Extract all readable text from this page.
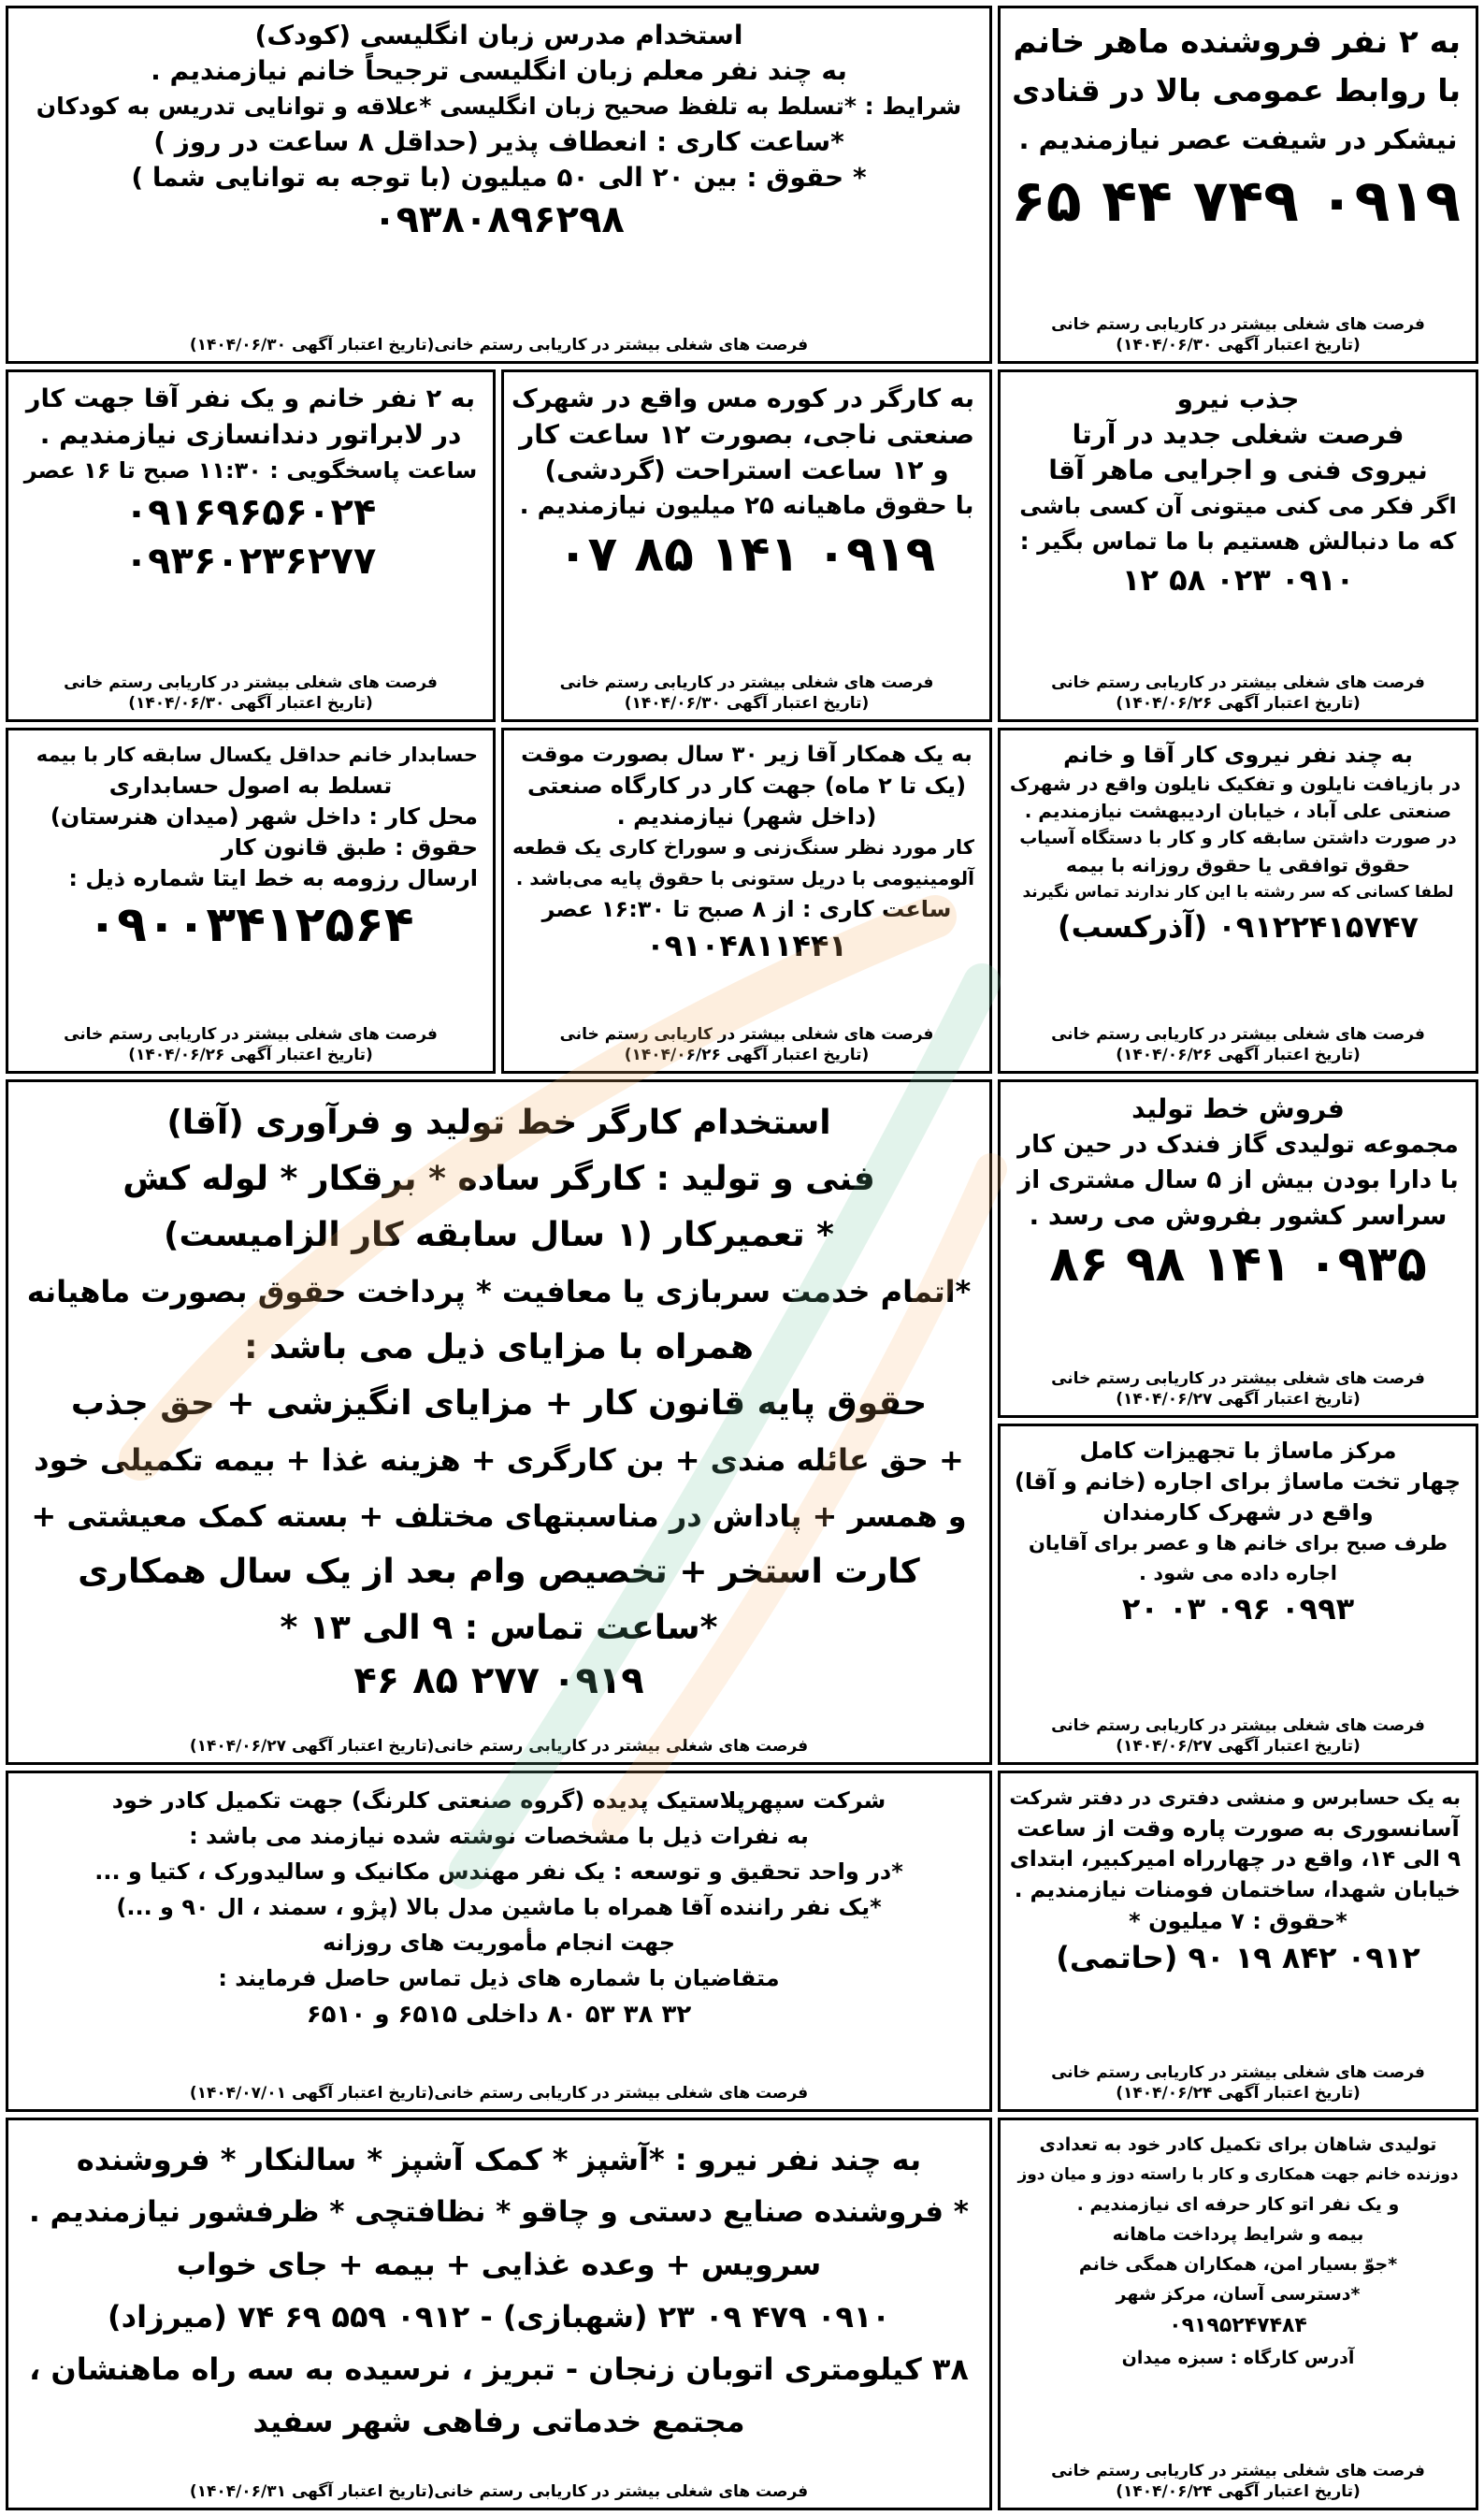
به ۲ نفر فروشنده ماهر خانم
با روابط عمومی بالا در قنادی
نیشکر در شیفت عصر نیازمندیم .
۰۹۱۹ ۷۴۹ ۴۴ ۶۵
فرصت های شغلی بیشتر در کاریابی رستم خانی
(تاریخ اعتبار آگهی ۱۴۰۴/۰۶/۳۰)
استخدام مدرس زبان انگلیسی (کودک)
به چند نفر معلم زبان انگلیسی ترجیحاً خانم نیازمندیم .
شرایط : *تسلط به تلفظ صحیح زبان انگلیسی *علاقه و توانایی تدریس به کودکان
*ساعت کاری : انعطاف پذیر (حداقل ۸ ساعت در روز )
* حقوق : بین ۲۰ الی ۵۰ میلیون (با توجه به توانایی شما )
۰۹۳۸۰۸۹۶۲۹۸
فرصت های شغلی بیشتر در کاریابی رستم خانی(تاریخ اعتبار آگهی ۱۴۰۴/۰۶/۳۰)
جذب نیرو
فرصت شغلی جدید در آرتا
نیروی فنی و اجرایی ماهر آقا
اگر فکر می کنی میتونی آن کسی باشی
که ما دنبالش هستیم با ما تماس بگیر :
۰۹۱۰ ۰۲۳ ۵۸ ۱۲
فرصت های شغلی بیشتر در کاریابی رستم خانی
(تاریخ اعتبار آگهی ۱۴۰۴/۰۶/۲۶)
به کارگر در کوره مس واقع در شهرک
صنعتی ناجی، بصورت ۱۲ ساعت کار
و ۱۲ ساعت استراحت (گردشی)
با حقوق ماهیانه ۲۵ میلیون نیازمندیم .
۰۹۱۹ ۱۴۱ ۸۵ ۰۷
فرصت های شغلی بیشتر در کاریابی رستم خانی
(تاریخ اعتبار آگهی ۱۴۰۴/۰۶/۳۰)
به ۲ نفر خانم و یک نفر آقا جهت کار
در لابراتور دندانسازی نیازمندیم .
ساعت پاسخگویی : ۱۱:۳۰ صبح تا ۱۶ عصر
۰۹۱۶۹۶۵۶۰۲۴
۰۹۳۶۰۲۳۶۲۷۷
فرصت های شغلی بیشتر در کاریابی رستم خانی
(تاریخ اعتبار آگهی ۱۴۰۴/۰۶/۳۰)
به چند نفر نیروی کار آقا و خانم
در بازیافت نایلون و تفکیک نایلون واقع در شهرک
صنعتی علی آباد ، خیابان اردیبهشت نیازمندیم .
در صورت داشتن سابقه کار و کار با دستگاه آسیاب
حقوق توافقی یا حقوق روزانه با بیمه
لطفا کسانی که سر رشته با این کار ندارند تماس نگیرند
۰۹۱۲۲۴۱۵۷۴۷ (آذرکسب)
فرصت های شغلی بیشتر در کاریابی رستم خانی
(تاریخ اعتبار آگهی ۱۴۰۴/۰۶/۲۶)
به یک همکار آقا زیر ۳۰ سال بصورت موقت
(یک تا ۲ ماه) جهت کار در کارگاه صنعتی
(داخل شهر) نیازمندیم .
کار مورد نظر سنگ‌زنی و سوراخ کاری یک قطعه
آلومینیومی با دریل ستونی با حقوق پایه می‌باشد .
ساعت کاری : از ۸ صبح تا ۱۶:۳۰ عصر
۰۹۱۰۴۸۱۱۴۴۱
فرصت های شغلی بیشتر در کاریابی رستم خانی
(تاریخ اعتبار آگهی ۱۴۰۴/۰۶/۲۶)
حسابدار خانم حداقل یکسال سابقه کار با بیمه
تسلط به اصول حسابداری
محل کار : داخل شهر (میدان هنرستان)
حقوق : طبق قانون کار
ارسال رزومه به خط ایتا شماره ذیل :
۰۹۰۰۳۴۱۲۵۶۴
فرصت های شغلی بیشتر در کاریابی رستم خانی
(تاریخ اعتبار آگهی ۱۴۰۴/۰۶/۲۶)
فروش خط تولید
مجموعه تولیدی گاز فندک در حین کار
با دارا بودن بیش از ۵ سال مشتری از
سراسر کشور بفروش می رسد .
۰۹۳۵ ۱۴۱ ۹۸ ۸۶
فرصت های شغلی بیشتر در کاریابی رستم خانی
(تاریخ اعتبار آگهی ۱۴۰۴/۰۶/۲۷)
استخدام کارگر خط تولید و فرآوری (آقا)
فنی و تولید : کارگر ساده * برقکار * لوله کش
* تعمیرکار (۱ سال سابقه کار الزامیست)
*اتمام خدمت سربازی یا معافیت * پرداخت حقوق بصورت ماهیانه
همراه با مزایای ذیل می باشد :
حقوق پایه قانون کار + مزایای انگیزشی + حق جذب
+ حق عائله مندی + بن کارگری + هزینه غذا + بیمه تکمیلی خود
و همسر + پاداش در مناسبتهای مختلف + بسته کمک معیشتی +
کارت استخر + تخصیص وام بعد از یک سال همکاری
*ساعت تماس : ۹ الی ۱۳ *
۰۹۱۹ ۲۷۷ ۸۵ ۴۶
فرصت های شغلی بیشتر در کاریابی رستم خانی(تاریخ اعتبار آگهی ۱۴۰۴/۰۶/۲۷)
مرکز ماساژ با تجهیزات کامل
چهار تخت ماساژ برای اجاره (خانم و آقا)
واقع در شهرک کارمندان
طرف صبح برای خانم ها و عصر برای آقایان
اجاره داده می شود .
۰۹۹۳ ۰۹۶ ۰۳ ۲۰
فرصت های شغلی بیشتر در کاریابی رستم خانی
(تاریخ اعتبار آگهی ۱۴۰۴/۰۶/۲۷)
شرکت سپهرپلاستیک پدیده (گروه صنعتی کلرنگ) جهت تکمیل کادر خود
به نفرات ذیل با مشخصات نوشته شده نیازمند می باشد :
*در واحد تحقیق و توسعه : یک نفر مهندس مکانیک و سالیدورک ، کتیا و ...
*یک نفر راننده آقا همراه با ماشین مدل بالا (پژو ، سمند ، ال ۹۰ و ...)
جهت انجام مأموریت های روزانه
متقاضیان با شماره های ذیل تماس حاصل فرمایند :
۳۲ ۳۸ ۵۳ ۸۰ داخلی ۶۵۱۵ و ۶۵۱۰
فرصت های شغلی بیشتر در کاریابی رستم خانی(تاریخ اعتبار آگهی ۱۴۰۴/۰۷/۰۱)
به یک حسابرس و منشی دفتری در دفتر شرکت
آسانسوری به صورت پاره وقت از ساعت
۹ الی ۱۴، واقع در چهارراه امیرکبیر، ابتدای
خیابان شهدا، ساختمان فومنات نیازمندیم .
*حقوق : ۷ میلیون *
۰۹۱۲ ۸۴۲ ۱۹ ۹۰ (حاتمی)
فرصت های شغلی بیشتر در کاریابی رستم خانی
(تاریخ اعتبار آگهی ۱۴۰۴/۰۶/۲۴)
به چند نفر نیرو : *آشپز * کمک آشپز * سالنکار * فروشنده
* فروشنده صنایع دستی و چاقو * نظافتچی * ظرفشور نیازمندیم .
سرویس + وعده غذایی + بیمه + جای خواب
۰۹۱۰ ۴۷۹ ۰۹ ۲۳ (شهبازی) - ۰۹۱۲ ۵۵۹ ۶۹ ۷۴ (میرزاد)
۳۸ کیلومتری اتوبان زنجان - تبریز ، نرسیده به سه راه ماهنشان ،
مجتمع خدماتی رفاهی شهر سفید
فرصت های شغلی بیشتر در کاریابی رستم خانی(تاریخ اعتبار آگهی ۱۴۰۴/۰۶/۳۱)
تولیدی شاهان برای تکمیل کادر خود به تعدادی
دوزنده خانم جهت همکاری و کار با راسته دوز و میان دوز
و یک نفر اتو کار حرفه ای نیازمندیم .
بیمه و شرایط پرداخت ماهانه
*جوّ بسیار امن، همکاران همگی خانم
*دسترسی آسان، مرکز شهر
۰۹۱۹۵۲۴۷۴۸۴
آدرس کارگاه : سبزه میدان
فرصت های شغلی بیشتر در کاریابی رستم خانی
(تاریخ اعتبار آگهی ۱۴۰۴/۰۶/۲۴)
